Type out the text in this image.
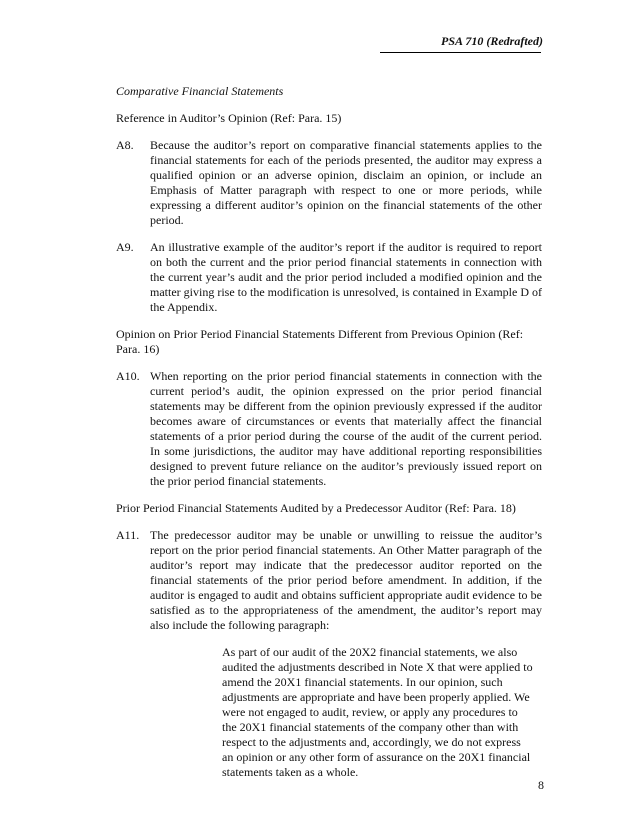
PSA 710 (Redrafted)
Comparative Financial Statements
Reference in Auditor’s Opinion (Ref: Para. 15)
A8. Because the auditor’s report on comparative financial statements applies to the financial statements for each of the periods presented, the auditor may express a qualified opinion or an adverse opinion, disclaim an opinion, or include an Emphasis of Matter paragraph with respect to one or more periods, while expressing a different auditor’s opinion on the financial statements of the other period.
A9. An illustrative example of the auditor’s report if the auditor is required to report on both the current and the prior period financial statements in connection with the current year’s audit and the prior period included a modified opinion and the matter giving rise to the modification is unresolved, is contained in Example D of the Appendix.
Opinion on Prior Period Financial Statements Different from Previous Opinion (Ref: Para. 16)
A10. When reporting on the prior period financial statements in connection with the current period’s audit, the opinion expressed on the prior period financial statements may be different from the opinion previously expressed if the auditor becomes aware of circumstances or events that materially affect the financial statements of a prior period during the course of the audit of the current period. In some jurisdictions, the auditor may have additional reporting responsibilities designed to prevent future reliance on the auditor’s previously issued report on the prior period financial statements.
Prior Period Financial Statements Audited by a Predecessor Auditor (Ref: Para. 18)
A11. The predecessor auditor may be unable or unwilling to reissue the auditor’s report on the prior period financial statements. An Other Matter paragraph of the auditor’s report may indicate that the predecessor auditor reported on the financial statements of the prior period before amendment. In addition, if the auditor is engaged to audit and obtains sufficient appropriate audit evidence to be satisfied as to the appropriateness of the amendment, the auditor’s report may also include the following paragraph:
As part of our audit of the 20X2 financial statements, we also audited the adjustments described in Note X that were applied to amend the 20X1 financial statements. In our opinion, such adjustments are appropriate and have been properly applied. We were not engaged to audit, review, or apply any procedures to the 20X1 financial statements of the company other than with respect to the adjustments and, accordingly, we do not express an opinion or any other form of assurance on the 20X1 financial statements taken as a whole.
8
